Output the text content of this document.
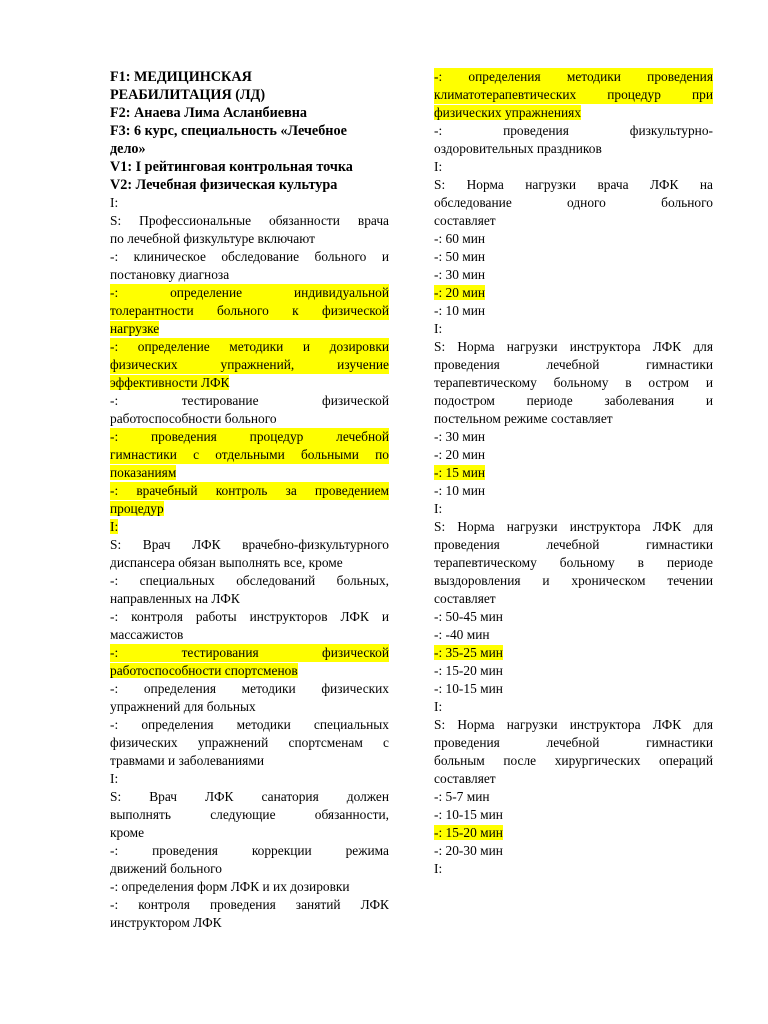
F1: МЕДИЦИНСКАЯ
РЕАБИЛИТАЦИЯ (ЛД)
F2: Анаева Лима Асланбиевна
F3: 6 курс, специальность «Лечебное
дело»
V1: I рейтинговая контрольная точка
V2: Лечебная физическая культура
I:
S: Профессиональные обязанности врача
по лечебной физкультуре включают
-: клиническое обследование больного и
постановку диагноза
-: определение индивидуальной
толерантности больного к физической
нагрузке
-: определение методики и дозировки
физических упражнений, изучение
эффективности ЛФК
-: тестирование физической
работоспособности больного
-: проведения процедур лечебной
гимнастики с отдельными больными по
показаниям
-: врачебный контроль за проведением
процедур
I:
S: Врач ЛФК врачебно-физкультурного
диспансера обязан выполнять все, кроме
-: специальных обследований больных,
направленных на ЛФК
-: контроля работы инструкторов ЛФК и
массажистов
-: тестирования физической
работоспособности спортсменов
-: определения методики физических
упражнений для больных
-: определения методики специальных
физических упражнений спортсменам с
травмами и заболеваниями
I:
S: Врач ЛФК санатория должен
выполнять следующие обязанности,
кроме
-: проведения коррекции режима
движений больного
-: определения форм ЛФК и их дозировки
-: контроля проведения занятий ЛФК
инструктором ЛФК
-: определения методики проведения
климатотерапевтических процедур при
физических упражнениях
-: проведения физкультурно-
оздоровительных праздников
I:
S: Норма нагрузки врача ЛФК на
обследование одного больного
составляет
-: 60 мин
-: 50 мин
-: 30 мин
-: 20 мин
-: 10 мин
I:
S: Норма нагрузки инструктора ЛФК для
проведения лечебной гимнастики
терапевтическому больному в остром и
подостром периоде заболевания и
постельном режиме составляет
-: 30 мин
-: 20 мин
-: 15 мин
-: 10 мин
I:
S: Норма нагрузки инструктора ЛФК для
проведения лечебной гимнастики
терапевтическому больному в периоде
выздоровления и хроническом течении
составляет
-: 50-45 мин
-: -40 мин
-: 35-25 мин
-: 15-20 мин
-: 10-15 мин
I:
S: Норма нагрузки инструктора ЛФК для
проведения лечебной гимнастики
больным после хирургических операций
составляет
-: 5-7 мин
-: 10-15 мин
-: 15-20 мин
-: 20-30 мин
I:
